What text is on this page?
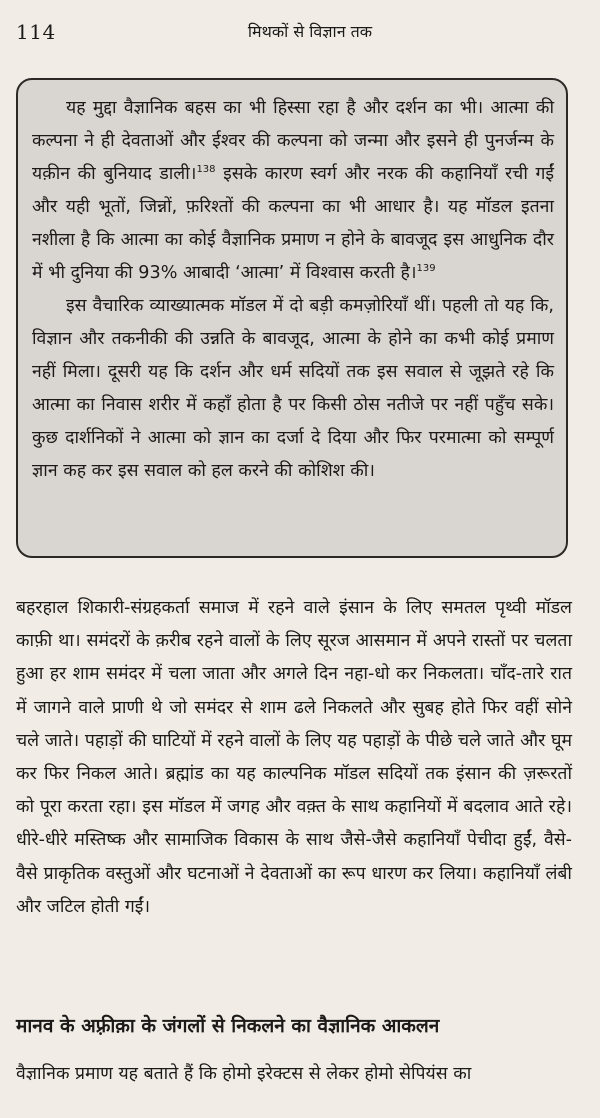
114	मिथकों से विज्ञान तक

यह मुद्दा वैज्ञानिक बहस का भी हिस्सा रहा है और दर्शन का भी। आत्मा की कल्पना ने ही देवताओं और ईश्वर की कल्पना को जन्मा और इसने ही पुनर्जन्म के यक़ीन की बुनियाद डाली।$^{138}$ इसके कारण स्वर्ग और नरक की कहानियाँ रची गईं और यही भूतों, जिन्नों, फ़रिश्तों की कल्पना का भी आधार है। यह मॉडल इतना नशीला है कि आत्मा का कोई वैज्ञानिक प्रमाण न होने के बावजूद इस आधुनिक दौर में भी दुनिया की 93% आबादी ‘आत्मा’ में विश्वास करती है।$^{139}$

इस वैचारिक व्याख्यात्मक मॉडल में दो बड़ी कमज़ोरियाँ थीं। पहली तो यह कि, विज्ञान और तकनीकी की उन्नति के बावजूद, आत्मा के होने का कभी कोई प्रमाण नहीं मिला। दूसरी यह कि दर्शन और धर्म सदियों तक इस सवाल से जूझते रहे कि आत्मा का निवास शरीर में कहाँ होता है पर किसी ठोस नतीजे पर नहीं पहुँच सके। कुछ दार्शनिकों ने आत्मा को ज्ञान का दर्जा दे दिया और फिर परमात्मा को सम्पूर्ण ज्ञान कह कर इस सवाल को हल करने की कोशिश की।

बहरहाल शिकारी-संग्रहकर्ता समाज में रहने वाले इंसान के लिए समतल पृथ्वी मॉडल काफ़ी था। समंदरों के क़रीब रहने वालों के लिए सूरज आसमान में अपने रास्तों पर चलता हुआ हर शाम समंदर में चला जाता और अगले दिन नहा-धो कर निकलता। चाँद-तारे रात में जागने वाले प्राणी थे जो समंदर से शाम ढले निकलते और सुबह होते फिर वहीं सोने चले जाते। पहाड़ों की घाटियों में रहने वालों के लिए यह पहाड़ों के पीछे चले जाते और घूम कर फिर निकल आते। ब्रह्मांड का यह काल्पनिक मॉडल सदियों तक इंसान की ज़रूरतों को पूरा करता रहा। इस मॉडल में जगह और वक़्त के साथ कहानियों में बदलाव आते रहे। धीरे-धीरे मस्तिष्क और सामाजिक विकास के साथ जैसे-जैसे कहानियाँ पेचीदा हुईं, वैसे-वैसे प्राकृतिक वस्तुओं और घटनाओं ने देवताओं का रूप धारण कर लिया। कहानियाँ लंबी और जटिल होती गईं।

मानव के अफ़्रीक़ा के जंगलों से निकलने का वैज्ञानिक आकलन

वैज्ञानिक प्रमाण यह बताते हैं कि होमो इरेक्टस से लेकर होमो सेपियंस का
